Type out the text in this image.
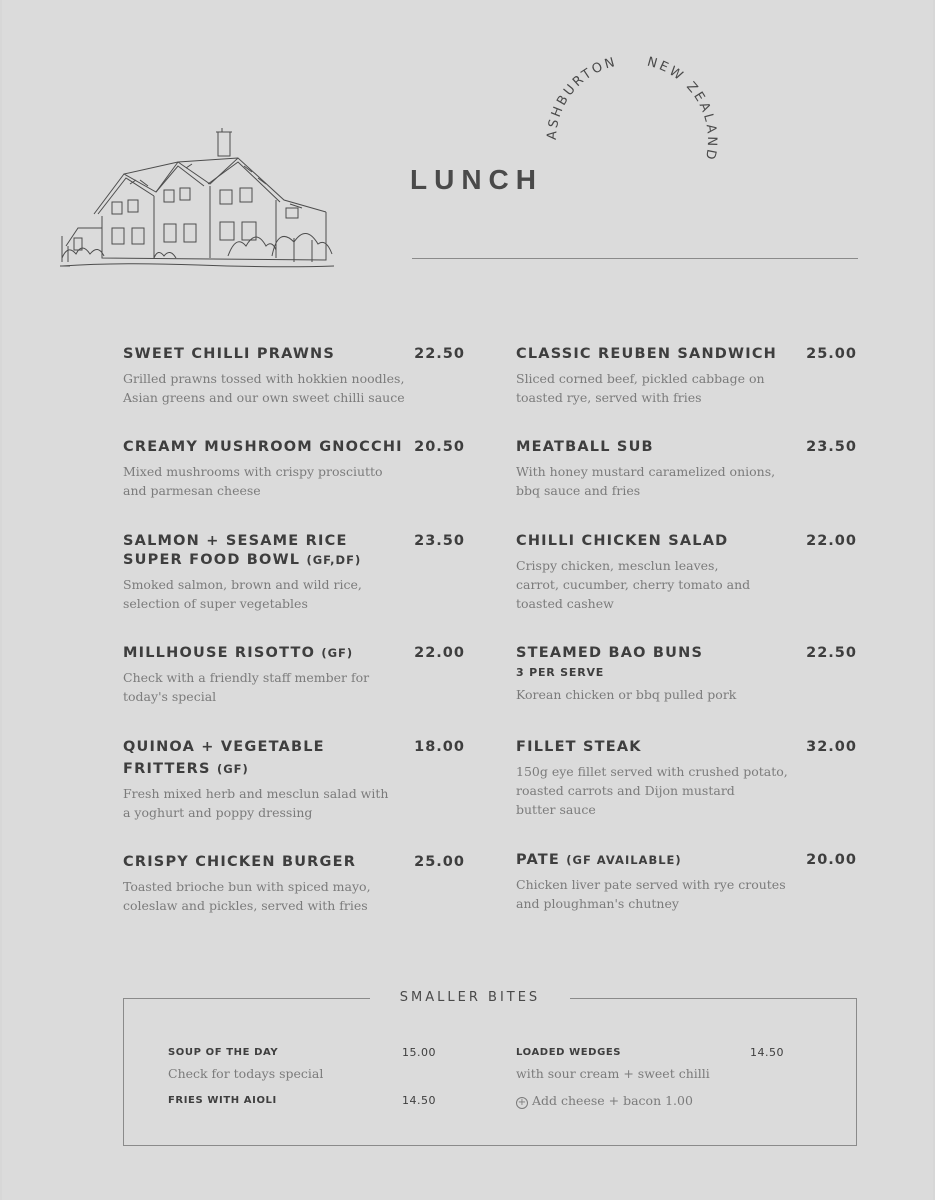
LUNCH
ASHBURTON NEW ZEALAND
SWEET CHILLI PRAWNS
Grilled prawns tossed with hokkien noodles,
Asian greens and our own sweet chilli sauce
22.50
CREAMY MUSHROOM GNOCCHI
Mixed mushrooms with crispy prosciutto
and parmesan cheese
20.50
SALMON + SESAME RICE
SUPER FOOD BOWL (GF,DF)
Smoked salmon, brown and wild rice,
selection of super vegetables
23.50
MILLHOUSE RISOTTO (GF)
Check with a friendly staff member for
today's special
22.00
QUINOA + VEGETABLE
FRITTERS (GF)
Fresh mixed herb and mesclun salad with
a yoghurt and poppy dressing
18.00
CRISPY CHICKEN BURGER
Toasted brioche bun with spiced mayo,
coleslaw and pickles, served with fries
25.00
CLASSIC REUBEN SANDWICH
Sliced corned beef, pickled cabbage on
toasted rye, served with fries
25.00
MEATBALL SUB
With honey mustard caramelized onions,
bbq sauce and fries
23.50
CHILLI CHICKEN SALAD
Crispy chicken, mesclun leaves,
carrot, cucumber, cherry tomato and
toasted cashew
22.00
STEAMED BAO BUNS
3 PER SERVE
Korean chicken or bbq pulled pork
22.50
FILLET STEAK
150g eye fillet served with crushed potato,
roasted carrots and Dijon mustard
butter sauce
32.00
PATE (GF AVAILABLE)
Chicken liver pate served with rye croutes
and ploughman's chutney
20.00
SMALLER BITES
SOUP OF THE DAY	15.00
Check for todays special
FRIES WITH AIOLI	14.50
LOADED WEDGES	14.50
with sour cream + sweet chilli
+ Add cheese + bacon 1.00
